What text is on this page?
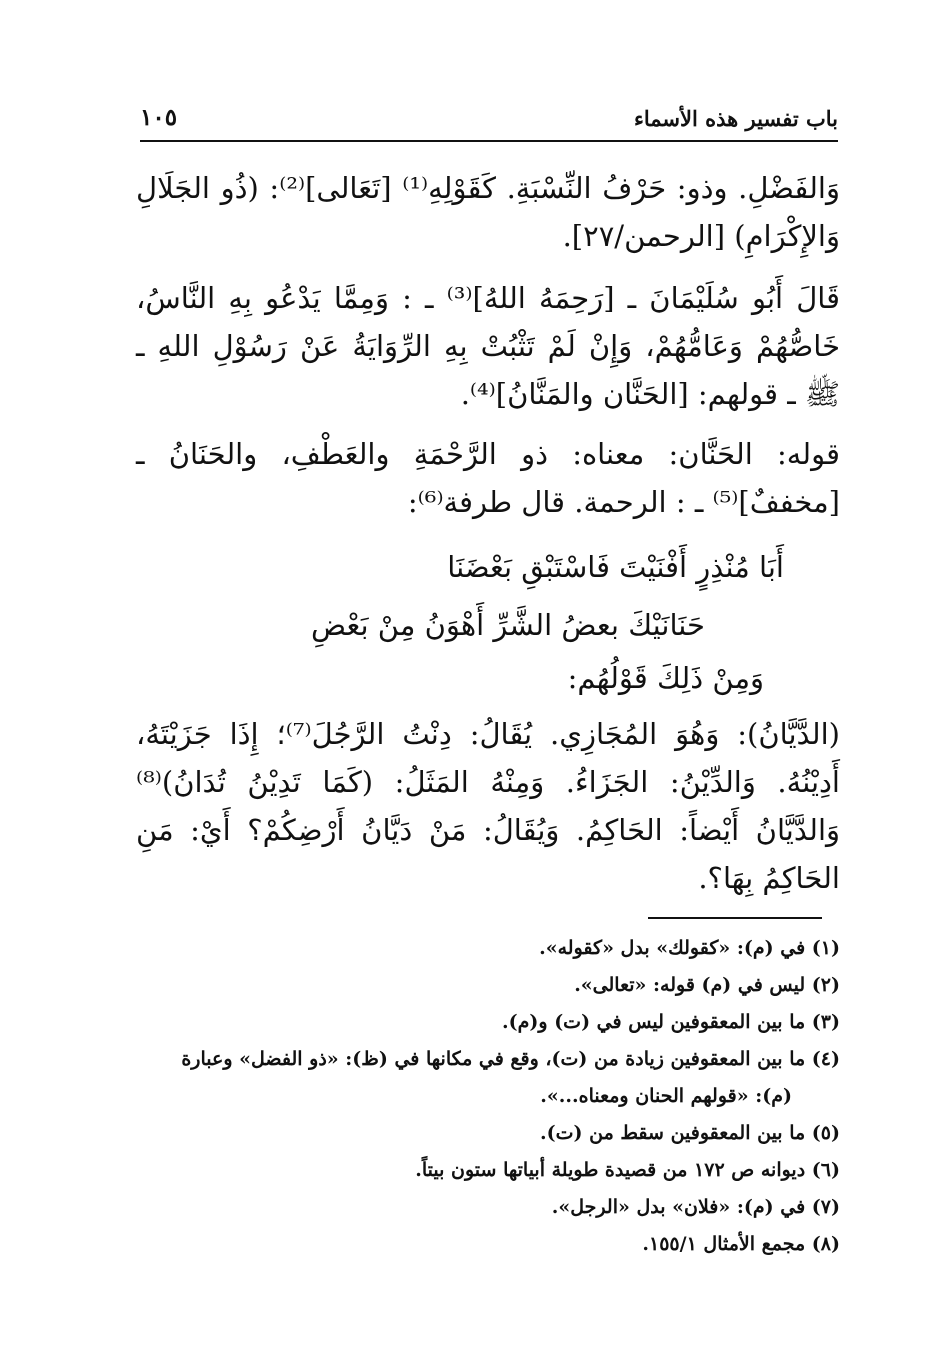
باب تفسير هذه الأسماء
١٠٥

وَالفَضْلِ. وذو: حَرْفُ النِّسْبَةِ. كَقَوْلِهِ⁽¹⁾ [تَعَالى]⁽²⁾: (ذُو الجَلَالِ وَالإِكْرَامِ) [الرحمن/٢٧].

قَالَ أَبُو سُلَيْمَانَ ـ [رَحِمَهُ اللهُ]⁽³⁾ ـ : وَمِمَّا يَدْعُو بِهِ النَّاسُ، خَاصُّهُمْ وَعَامُّهُمْ، وَإِنْ لَمْ تَثْبُتْ بِهِ الرِّوَايَةُ عَنْ رَسُوْلِ اللهِ ـ ﷺ ـ قولهم: [الحَنَّان والمَنَّانُ]⁽⁴⁾.

قوله: الحَنَّان: معناه: ذو الرَّحْمَةِ والعَطْفِ، والحَنَانُ ـ [مخففٌ]⁽⁵⁾ ـ : الرحمة. قال طرفة⁽⁶⁾:

أَبَا مُنْذِرٍ أَفْنَيْتَ فَاسْتَبْقِ بَعْضَنَا
حَنَانَيْكَ بعضُ الشَّرِّ أَهْوَنُ مِنْ بَعْضِ
وَمِنْ ذَلِكَ قَوْلُهُم:

(الدَّيَّانُ): وَهُوَ المُجَازِي. يُقَالُ: دِنْتُ الرَّجُلَ⁽⁷⁾؛ إِذَا جَزَيْتَهُ، أَدِيْنُهُ. وَالدِّيْنُ: الجَزَاءُ. وَمِنْهُ المَثَلُ: (كَمَا تَدِيْنُ تُدَانُ)⁽⁸⁾ وَالدَّيَّانُ أَيْضاً: الحَاكِمُ. وَيُقَالُ: مَنْ دَيَّانُ أَرْضِكُمْ؟ أَيْ: مَنِ الحَاكِمُ بِهَا؟.

(١) في (م): «كقولك» بدل «كقوله».
(٢) ليس في (م) قوله: «تعالى».
(٣) ما بين المعقوفين ليس في (ت) و(م).
(٤) ما بين المعقوفين زيادة من (ت)، وقع في مكانها في (ظ): «ذو الفضل» وعبارة
(م): «قولهم الحنان ومعناه...».
(٥) ما بين المعقوفين سقط من (ت).
(٦) ديوانه ص ١٧٢ من قصيدة طويلة أبياتها ستون بيتاً.
(٧) في (م): «فلان» بدل «الرجل».
(٨) مجمع الأمثال ١٥٥/١.
